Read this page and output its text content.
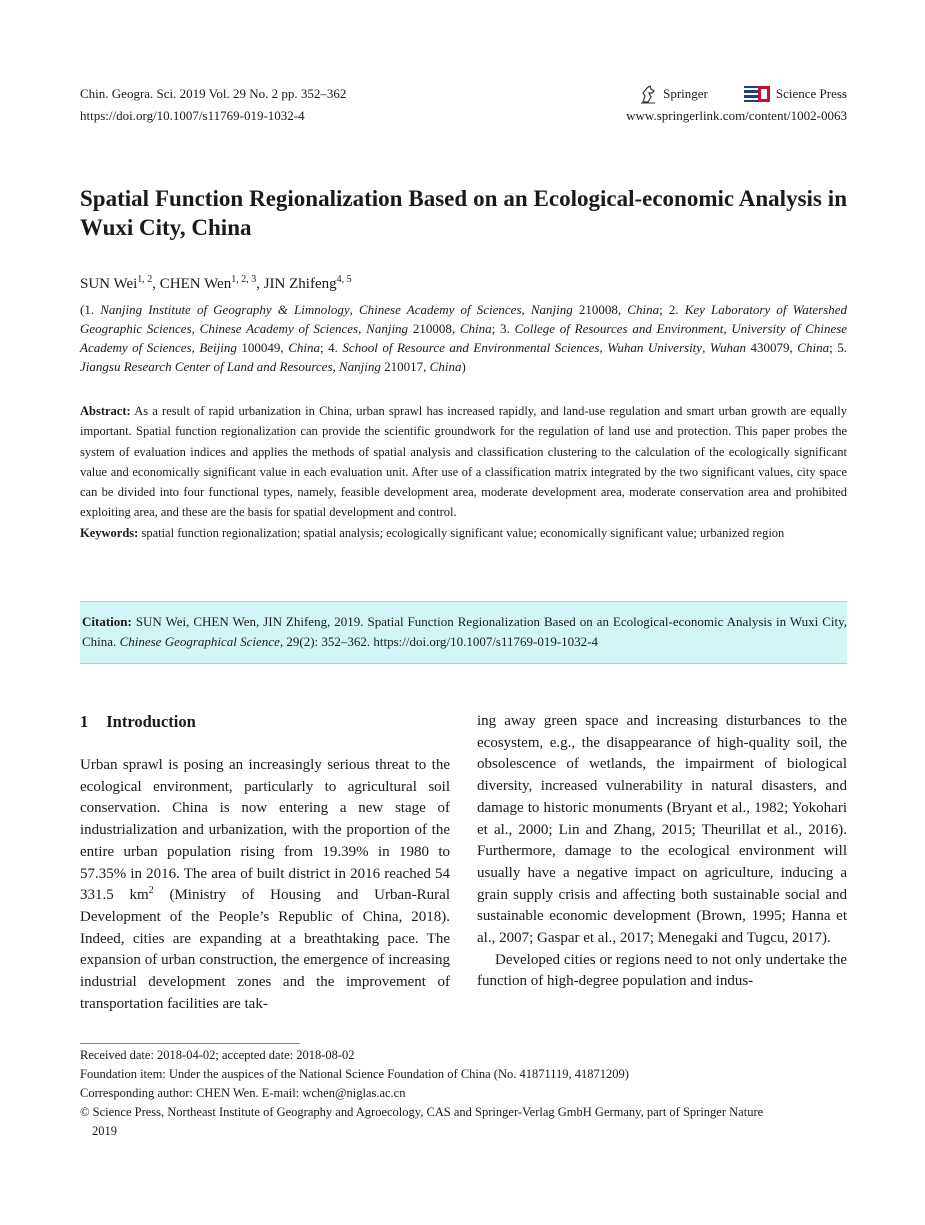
Chin. Geogra. Sci. 2019 Vol. 29 No. 2 pp. 352–362
https://doi.org/10.1007/s11769-019-1032-4
Springer	Science Press
www.springerlink.com/content/1002-0063
Spatial Function Regionalization Based on an Ecological-economic Analysis in Wuxi City, China
SUN Wei$^{1, 2}$, CHEN Wen$^{1, 2, 3}$, JIN Zhifeng$^{4, 5}$
(1. Nanjing Institute of Geography & Limnology, Chinese Academy of Sciences, Nanjing 210008, China; 2. Key Laboratory of Watershed Geographic Sciences, Chinese Academy of Sciences, Nanjing 210008, China; 3. College of Resources and Environment, University of Chinese Academy of Sciences, Beijing 100049, China; 4. School of Resource and Environmental Sciences, Wuhan University, Wuhan 430079, China; 5. Jiangsu Research Center of Land and Resources, Nanjing 210017, China)
Abstract: As a result of rapid urbanization in China, urban sprawl has increased rapidly, and land-use regulation and smart urban growth are equally important. Spatial function regionalization can provide the scientific groundwork for the regulation of land use and protection. This paper probes the system of evaluation indices and applies the methods of spatial analysis and classification clustering to the calculation of the ecologically significant value and economically significant value in each evaluation unit. After use of a classification matrix integrated by the two significant values, city space can be divided into four functional types, namely, feasible development area, moderate development area, moderate conservation area and prohibited exploiting area, and these are the basis for spatial development and control.
Keywords: spatial function regionalization; spatial analysis; ecologically significant value; economically significant value; urbanized region
Citation: SUN Wei, CHEN Wen, JIN Zhifeng, 2019. Spatial Function Regionalization Based on an Ecological-economic Analysis in Wuxi City, China. Chinese Geographical Science, 29(2): 352–362. https://doi.org/10.1007/s11769-019-1032-4
1 Introduction

Urban sprawl is posing an increasingly serious threat to the ecological environment, particularly to agricultural soil conservation. China is now entering a new stage of industrialization and urbanization, with the proportion of the entire urban population rising from 19.39% in 1980 to 57.35% in 2016. The area of built district in 2016 reached 54 331.5 $km^2$ (Ministry of Housing and Urban-Rural Development of the People’s Republic of China, 2018). Indeed, cities are expanding at a breathtaking pace. The expansion of urban construction, the emergence of increasing industrial development zones and the improvement of transportation facilities are tak-

ing away green space and increasing disturbances to the ecosystem, e.g., the disappearance of high-quality soil, the obsolescence of wetlands, the impairment of biological diversity, increased vulnerability in natural disasters, and damage to historic monuments (Bryant et al., 1982; Yokohari et al., 2000; Lin and Zhang, 2015; Theurillat et al., 2016). Furthermore, damage to the ecological environment will usually have a negative impact on agriculture, inducing a grain supply crisis and affecting both sustainable social and sustainable economic development (Brown, 1995; Hanna et al., 2007; Gaspar et al., 2017; Menegaki and Tugcu, 2017).

Developed cities or regions need to not only undertake the function of high-degree population and indus-

Received date: 2018-04-02; accepted date: 2018-08-02
Foundation item: Under the auspices of the National Science Foundation of China (No. 41871119, 41871209)
Corresponding author: CHEN Wen. E-mail: wchen@niglas.ac.cn
© Science Press, Northeast Institute of Geography and Agroecology, CAS and Springer-Verlag GmbH Germany, part of Springer Nature
2019
